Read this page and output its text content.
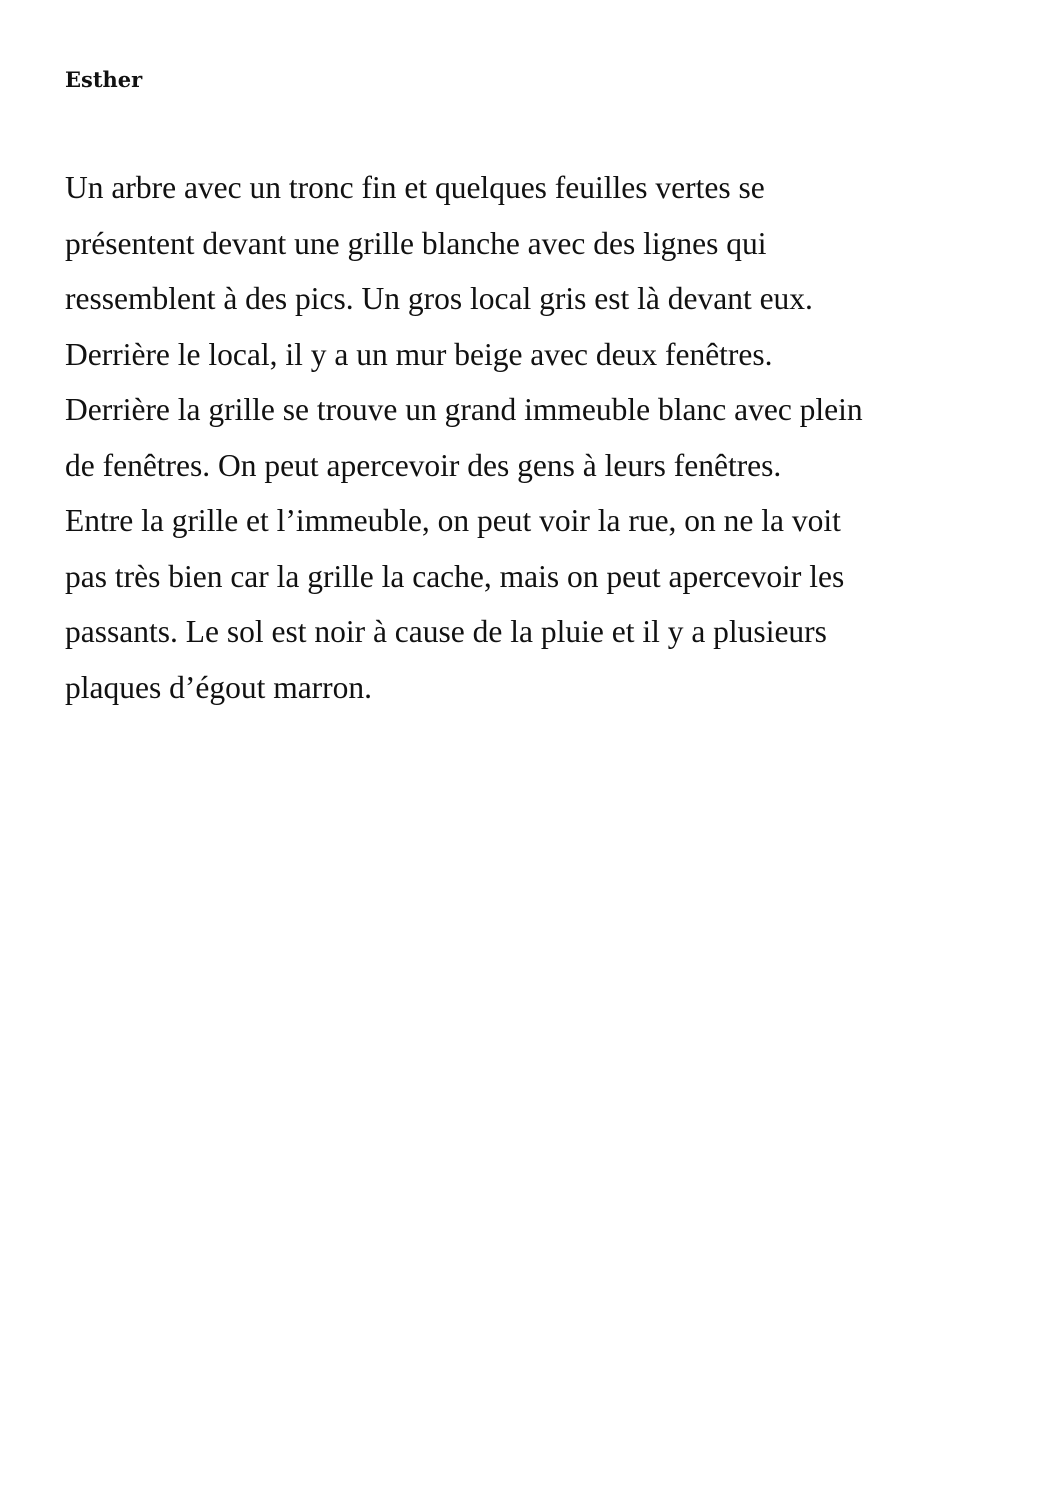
Esther

Un arbre avec un tronc fin et quelques feuilles vertes se
présentent devant une grille blanche avec des lignes qui
ressemblent à des pics. Un gros local gris est là devant eux.
Derrière le local, il y a un mur beige avec deux fenêtres.
Derrière la grille se trouve un grand immeuble blanc avec plein
de fenêtres. On peut apercevoir des gens à leurs fenêtres.
Entre la grille et l’immeuble, on peut voir la rue, on ne la voit
pas très bien car la grille la cache, mais on peut apercevoir les
passants. Le sol est noir à cause de la pluie et il y a plusieurs
plaques d’égout marron.
